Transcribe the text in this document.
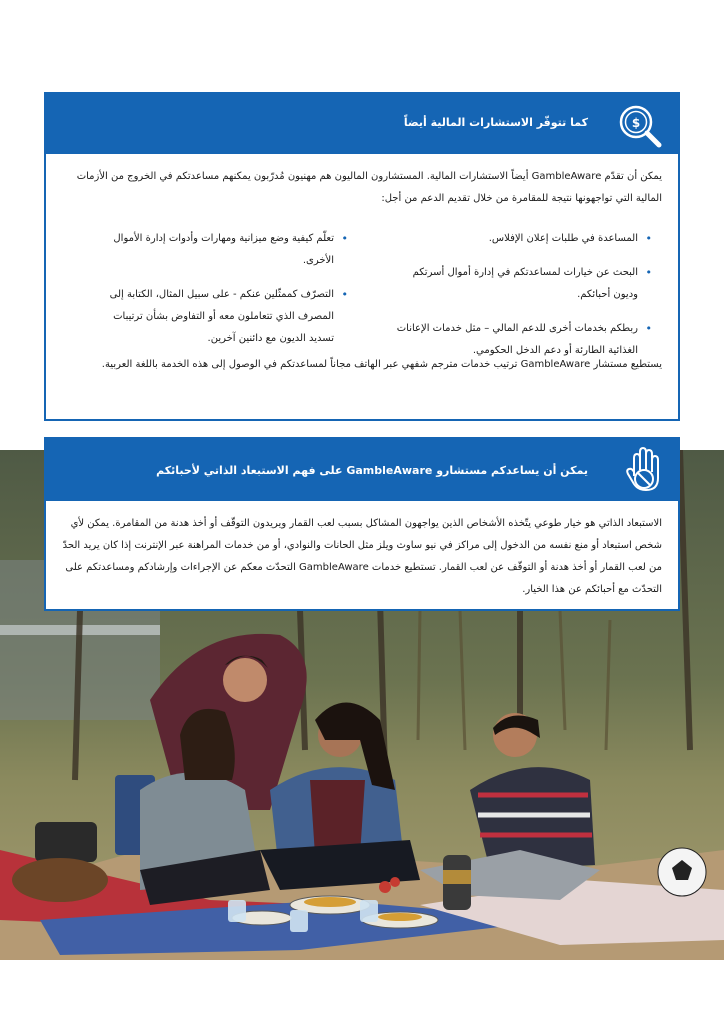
$
كما تتوفّر الاستشارات المالية أيضاً
يمكن أن تقدّم GambleAware أيضاً الاستشارات المالية. المستشارون الماليون هم مهنيون مُدرّبون يمكنهم مساعدتكم في الخروج من الأزمات المالية التي تواجهونها نتيجة للمقامرة من خلال تقديم الدعم من أجل:
• المساعدة في طلبات إعلان الإفلاس.
• البحث عن خيارات لمساعدتكم في إدارة أموال أسرتكم وديون أحبائكم.
• ربطكم بخدمات أخرى للدعم المالي – مثل خدمات الإعانات الغذائية الطارئة أو دعم الدخل الحكومي.
• تعلّم كيفية وضع ميزانية ومهارات وأدوات إدارة الأموال الأخرى.
• التصرّف كممثّلين عنكم - على سبيل المثال، الكتابة إلى المصرف الذي تتعاملون معه أو التفاوض بشأن ترتيبات تسديد الديون مع دائنين آخرين.
يستطيع مستشار GambleAware ترتيب خدمات مترجم شفهي عبر الهاتف مجاناً لمساعدتكم في الوصول إلى هذه الخدمة باللغة العربية.
يمكن أن يساعدكم مستشارو GambleAware على فهم الاستبعاد الذاتي لأحبائكم
الاستبعاد الذاتي هو خيار طوعي يتّخذه الأشخاص الذين يواجهون المشاكل بسبب لعب القمار ويريدون التوقّف أو أخذ هدنة من المقامرة. يمكن لأي شخص استبعاد أو منع نفسه من الدخول إلى مراكز في نيو ساوث ويلز مثل الحانات والنوادي، أو من خدمات المراهنة عبر الإنترنت إذا كان يريد الحدّ من لعب القمار أو أخذ هدنة أو التوقّف عن لعب القمار. تستطيع خدمات GambleAware التحدّث معكم عن الإجراءات وإرشادكم ومساعدتكم على التحدّث مع أحبائكم عن هذا الخيار.
